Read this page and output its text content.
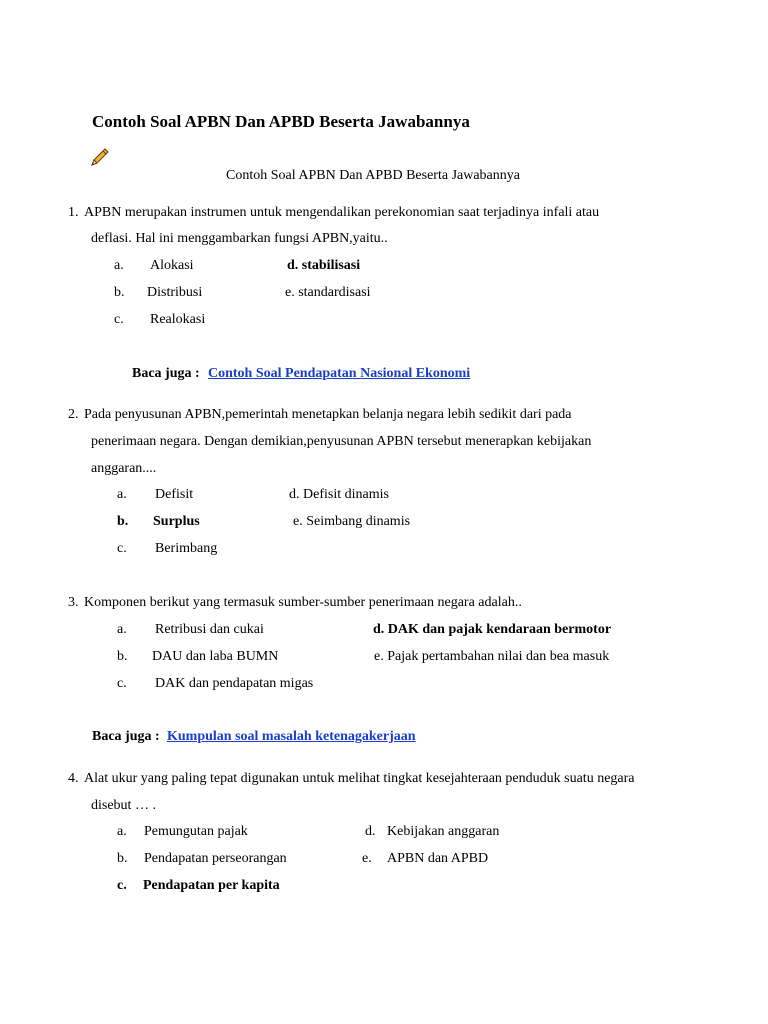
Contoh Soal APBN Dan APBD Beserta Jawabannya
Contoh Soal APBN Dan APBD Beserta Jawabannya
1. APBN merupakan instrumen untuk mengendalikan perekonomian saat terjadinya infali atau
deflasi. Hal ini menggambarkan fungsi APBN,yaitu..
a. Alokasi	d. stabilisasi
b. Distribusi	e. standardisasi
c. Realokasi
Baca juga : Contoh Soal Pendapatan Nasional Ekonomi
2. Pada penyusunan APBN,pemerintah menetapkan belanja negara lebih sedikit dari pada
penerimaan negara. Dengan demikian,penyusunan APBN tersebut menerapkan kebijakan
anggaran....
a. Defisit	d. Defisit dinamis
b. Surplus	e. Seimbang dinamis
c. Berimbang
3. Komponen berikut yang termasuk sumber-sumber penerimaan negara adalah..
a. Retribusi dan cukai	d. DAK dan pajak kendaraan bermotor
b. DAU dan laba BUMN	e. Pajak pertambahan nilai dan bea masuk
c. DAK dan pendapatan migas
Baca juga : Kumpulan soal masalah ketenagakerjaan
4. Alat ukur yang paling tepat digunakan untuk melihat tingkat kesejahteraan penduduk suatu negara
disebut … .
a. Pemungutan pajak	d. Kebijakan anggaran
b. Pendapatan perseorangan	e. APBN dan APBD
c. Pendapatan per kapita
